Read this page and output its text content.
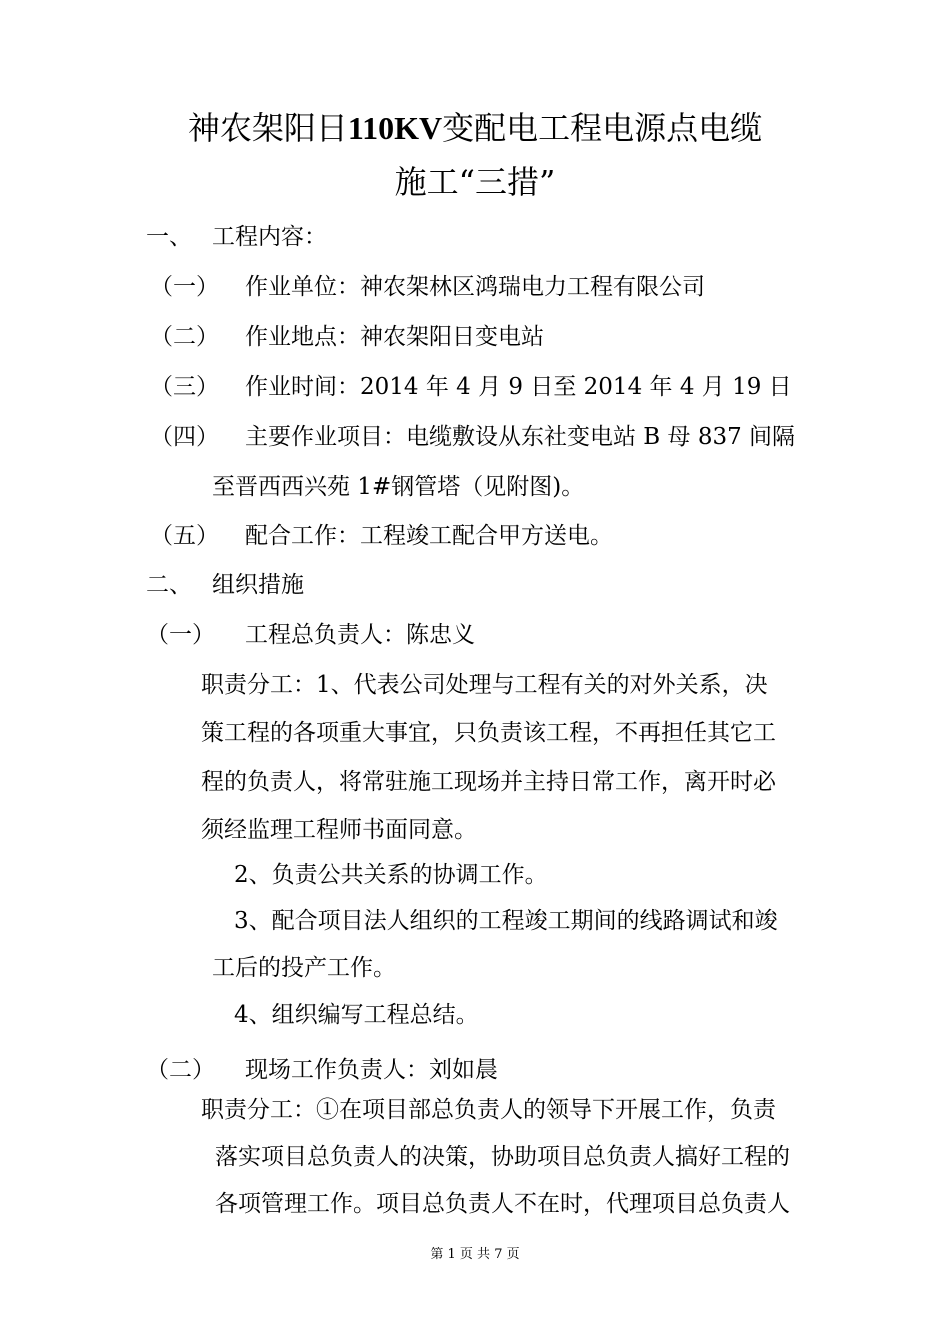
神农架阳日110KV变配电工程电源点电缆
施工“三措”
一、 工程内容：
（一） 作业单位：神农架林区鸿瑞电力工程有限公司
（二） 作业地点：神农架阳日变电站
（三） 作业时间：2014 年 4 月 9 日至 2014 年 4 月 19 日
（四） 主要作业项目：电缆敷设从东社变电站 B 母 837 间隔
至晋西西兴苑 1#钢管塔（见附图)。
（五） 配合工作：工程竣工配合甲方送电。
二、 组织措施
（一） 工程总负责人：陈忠义
职责分工：1、代表公司处理与工程有关的对外关系，决
策工程的各项重大事宜，只负责该工程，不再担任其它工
程的负责人，将常驻施工现场并主持日常工作，离开时必
须经监理工程师书面同意。
2、负责公共关系的协调工作。
3、配合项目法人组织的工程竣工期间的线路调试和竣
工后的投产工作。
4、组织编写工程总结。
（二） 现场工作负责人：刘如晨
职责分工：①在项目部总负责人的领导下开展工作，负责
落实项目总负责人的决策，协助项目总负责人搞好工程的
各项管理工作。项目总负责人不在时，代理项目总负责人
第 1 页 共 7 页
